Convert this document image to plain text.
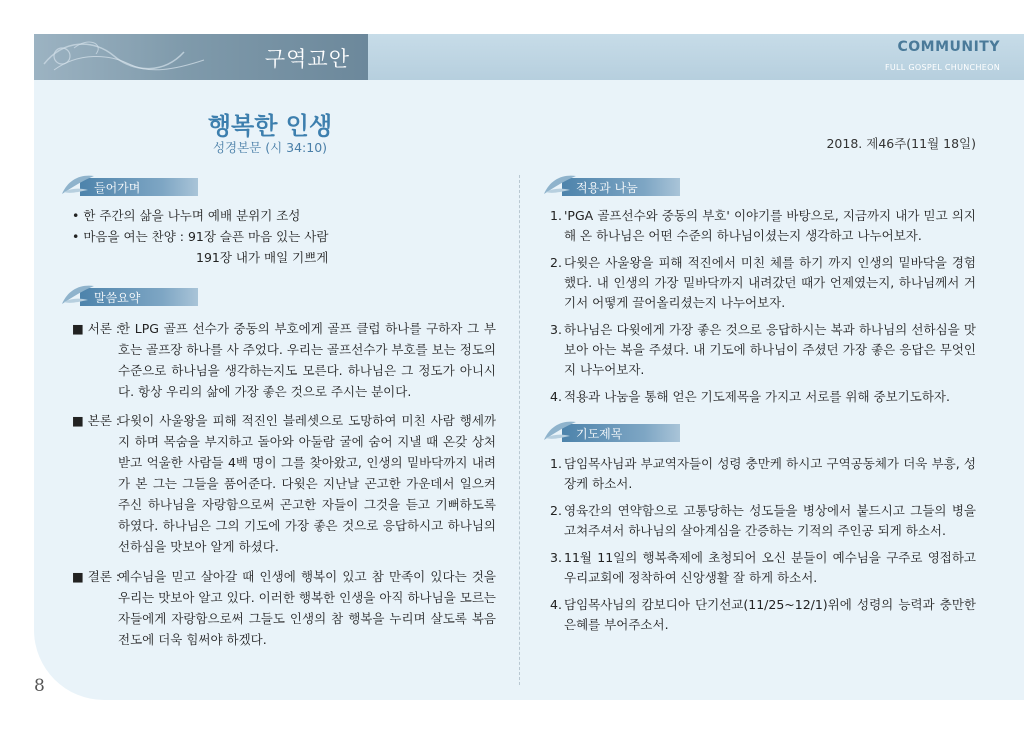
구역교안	COMMUNITY
FULL GOSPEL CHUNCHEON
행복한 인생
성경본문 (시 34:10)	2018. 제46주(11월 18일)
들어가며
• 한 주간의 삶을 나누며 예배 분위기 조성
• 마음을 여는 찬양 : 91장 슬픈 마음 있는 사람
191장 내가 매일 기쁘게
말씀요약
■ 서론 :
한 LPG 골프 선수가 중동의 부호에게 골프 클럽 하나를 구하자 그 부호는 골프장 하나를 사 주었다. 우리는 골프선수가 부호를 보는 정도의 수준으로 하나님을 생각하는지도 모른다. 하나님은 그 정도가 아니시다. 항상 우리의 삶에 가장 좋은 것으로 주시는 분이다.
■ 본론 :
다윗이 사울왕을 피해 적진인 블레셋으로 도망하여 미친 사람 행세까지 하며 목숨을 부지하고 돌아와 아둘람 굴에 숨어 지낼 때 온갖 상처받고 억울한 사람들 4백 명이 그를 찾아왔고, 인생의 밑바닥까지 내려가 본 그는 그들을 품어준다. 다윗은 지난날 곤고한 가운데서 일으켜 주신 하나님을 자랑함으로써 곤고한 자들이 그것을 듣고 기뻐하도록 하였다. 하나님은 그의 기도에 가장 좋은 것으로 응답하시고 하나님의 선하심을 맛보아 알게 하셨다.
■ 결론 :
예수님을 믿고 살아갈 때 인생에 행복이 있고 참 만족이 있다는 것을 우리는 맛보아 알고 있다. 이러한 행복한 인생을 아직 하나님을 모르는 자들에게 자랑함으로써 그들도 인생의 참 행복을 누리며 살도록 복음전도에 더욱 힘써야 하겠다.
적용과 나눔
1. 'PGA 골프선수와 중동의 부호' 이야기를 바탕으로, 지금까지 내가 믿고 의지해 온 하나님은 어떤 수준의 하나님이셨는지 생각하고 나누어보자.
2. 다윗은 사울왕을 피해 적진에서 미친 체를 하기 까지 인생의 밑바닥을 경험했다. 내 인생의 가장 밑바닥까지 내려갔던 때가 언제였는지, 하나님께서 거기서 어떻게 끌어올리셨는지 나누어보자.
3. 하나님은 다윗에게 가장 좋은 것으로 응답하시는 복과 하나님의 선하심을 맛보아 아는 복을 주셨다. 내 기도에 하나님이 주셨던 가장 좋은 응답은 무엇인지 나누어보자.
4. 적용과 나눔을 통해 얻은 기도제목을 가지고 서로를 위해 중보기도하자.
기도제목
1. 담임목사님과 부교역자들이 성령 충만케 하시고 구역공동체가 더욱 부흥, 성장케 하소서.
2. 영육간의 연약함으로 고통당하는 성도들을 병상에서 붙드시고 그들의 병을 고쳐주셔서 하나님의 살아계심을 간증하는 기적의 주인공 되게 하소서.
3. 11월 11일의 행복축제에 초청되어 오신 분들이 예수님을 구주로 영접하고 우리교회에 정착하여 신앙생활 잘 하게 하소서.
4. 담임목사님의 캄보디아 단기선교(11/25~12/1)위에 성령의 능력과 충만한 은혜를 부어주소서.
8
